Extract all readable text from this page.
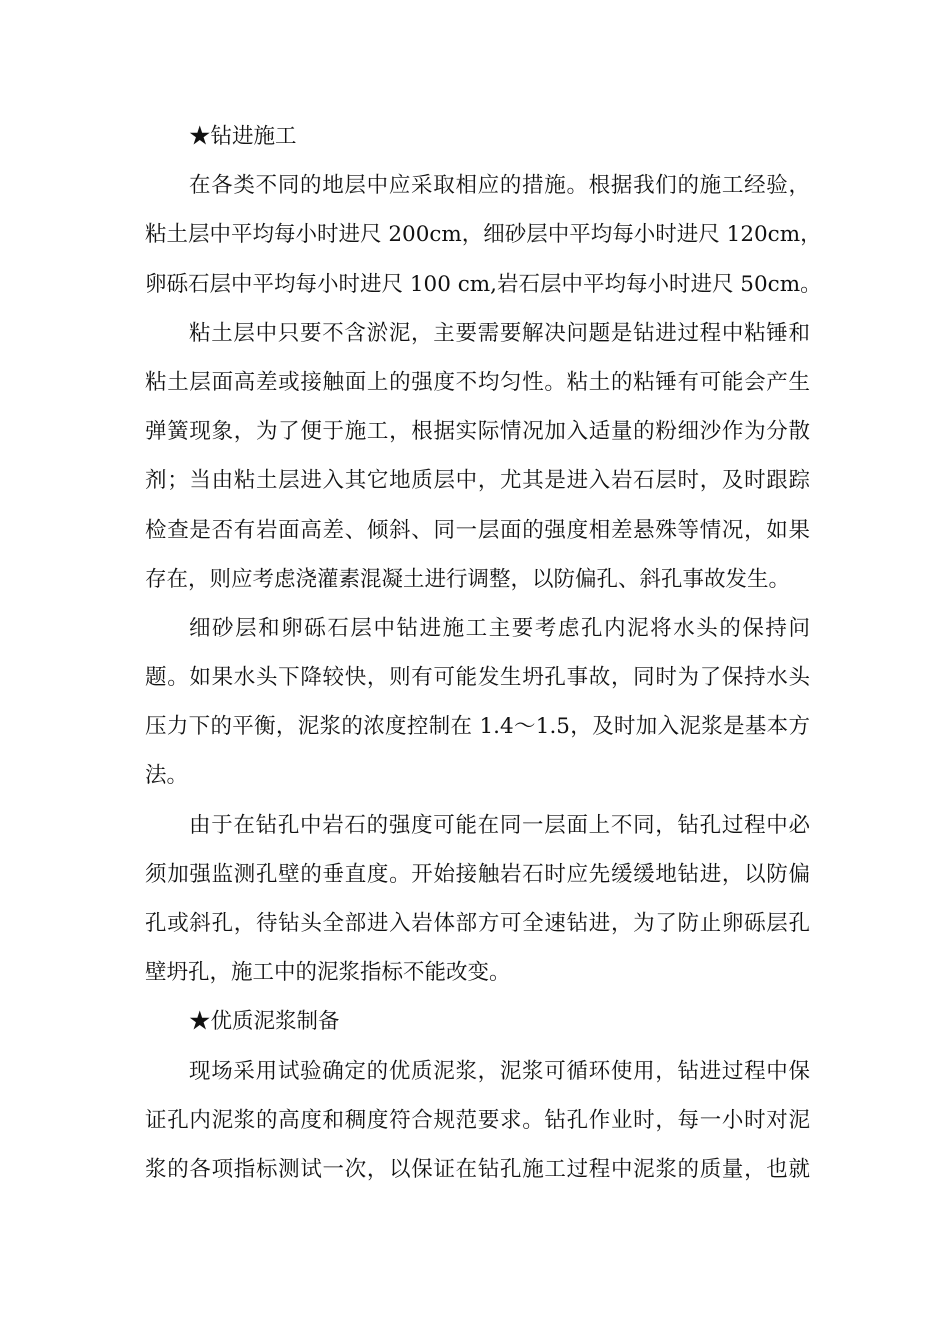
★钻进施工
在各类不同的地层中应采取相应的措施。根据我们的施工经验，
粘土层中平均每小时进尺 200cm，细砂层中平均每小时进尺 120cm，
卵砾石层中平均每小时进尺 100 cm,岩石层中平均每小时进尺 50cm。
粘土层中只要不含淤泥，主要需要解决问题是钻进过程中粘锤和
粘土层面高差或接触面上的强度不均匀性。粘土的粘锤有可能会产生
弹簧现象，为了便于施工，根据实际情况加入适量的粉细沙作为分散
剂；当由粘土层进入其它地质层中，尤其是进入岩石层时，及时跟踪
检查是否有岩面高差、倾斜、同一层面的强度相差悬殊等情况，如果
存在，则应考虑浇灌素混凝土进行调整，以防偏孔、斜孔事故发生。
细砂层和卵砾石层中钻进施工主要考虑孔内泥将水头的保持问
题。如果水头下降较快，则有可能发生坍孔事故，同时为了保持水头
压力下的平衡，泥浆的浓度控制在 1.4～1.5，及时加入泥浆是基本方
法。
由于在钻孔中岩石的强度可能在同一层面上不同，钻孔过程中必
须加强监测孔壁的垂直度。开始接触岩石时应先缓缓地钻进，以防偏
孔或斜孔，待钻头全部进入岩体部方可全速钻进，为了防止卵砾层孔
壁坍孔，施工中的泥浆指标不能改变。
★优质泥浆制备
现场采用试验确定的优质泥浆，泥浆可循环使用，钻进过程中保
证孔内泥浆的高度和稠度符合规范要求。钻孔作业时，每一小时对泥
浆的各项指标测试一次，以保证在钻孔施工过程中泥浆的质量，也就
